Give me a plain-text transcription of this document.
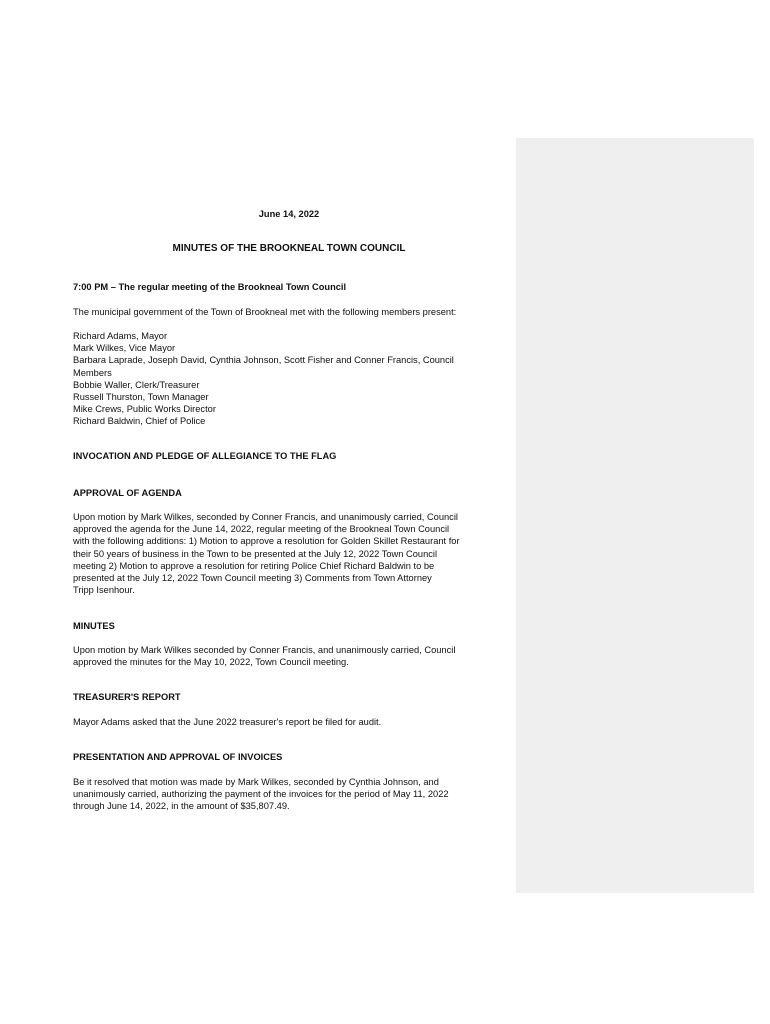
June 14, 2022
MINUTES OF THE BROOKNEAL TOWN COUNCIL
7:00 PM – The regular meeting of the Brookneal Town Council
The municipal government of the Town of Brookneal met with the following members present:
Richard Adams, Mayor
Mark Wilkes, Vice Mayor
Barbara Laprade, Joseph David, Cynthia Johnson, Scott Fisher and Conner Francis, Council
Members
Bobbie Waller, Clerk/Treasurer
Russell Thurston, Town Manager
Mike Crews, Public Works Director
Richard Baldwin, Chief of Police
INVOCATION AND PLEDGE OF ALLEGIANCE TO THE FLAG
APPROVAL OF AGENDA
Upon motion by Mark Wilkes, seconded by Conner Francis, and unanimously carried, Council
approved the agenda for the June 14, 2022, regular meeting of the Brookneal Town Council
with the following additions: 1) Motion to approve a resolution for Golden Skillet Restaurant for
their 50 years of business in the Town to be presented at the July 12, 2022 Town Council
meeting 2) Motion to approve a resolution for retiring Police Chief Richard Baldwin to be
presented at the July 12, 2022 Town Council meeting 3) Comments from Town Attorney
Tripp Isenhour.
MINUTES
Upon motion by Mark Wilkes seconded by Conner Francis, and unanimously carried, Council
approved the minutes for the May 10, 2022, Town Council meeting.
TREASURER'S REPORT
Mayor Adams asked that the June 2022 treasurer's report be filed for audit.
PRESENTATION AND APPROVAL OF INVOICES
Be it resolved that motion was made by Mark Wilkes, seconded by Cynthia Johnson, and
unanimously carried, authorizing the payment of the invoices for the period of May 11, 2022
through June 14, 2022, in the amount of $35,807.49.
